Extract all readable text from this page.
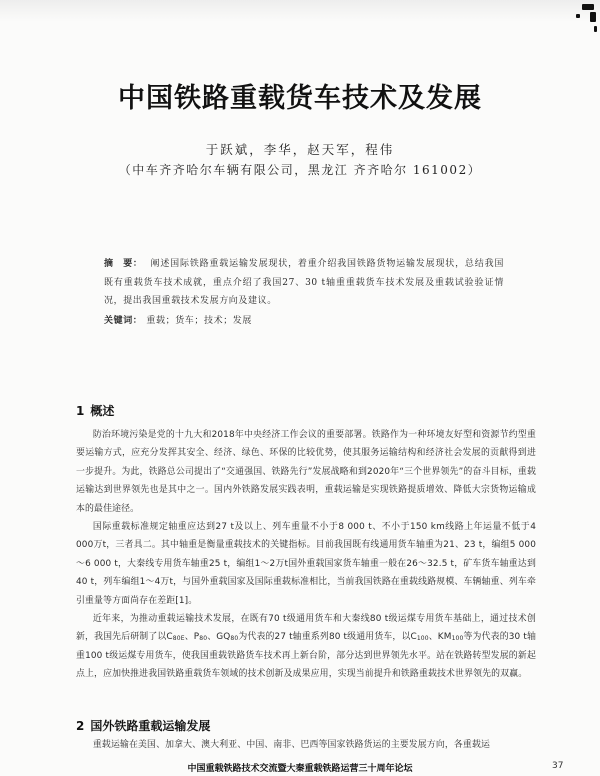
中国铁路重载货车技术及发展
于跃斌，李华，赵天军，程伟
（中车齐齐哈尔车辆有限公司，黑龙江 齐齐哈尔 161002）
摘　要： 阐述国际铁路重载运输发展现状，着重介绍我国铁路货物运输发展现状，总结我国既有重载货车技术成就，重点介绍了我国27、30 t轴重重载货车技术发展及重载试验验证情况，提出我国重载技术发展方向及建议。
关键词： 重载；货车；技术；发展
1 概述

防治环境污染是党的十九大和2018年中央经济工作会议的重要部署。铁路作为一种环境友好型和资源节约型重要运输方式，应充分发挥其安全、经济、绿色、环保的比较优势，使其服务运输结构和经济社会发展的贡献得到进一步提升。为此，铁路总公司提出了“交通强国、铁路先行”发展战略和到2020年“三个世界领先”的奋斗目标，重载运输达到世界领先也是其中之一。国内外铁路发展实践表明，重载运输是实现铁路提质增效、降低大宗货物运输成本的最佳途径。

国际重载标准规定轴重应达到27 t及以上、列车重量不小于8 000 t、不小于150 km线路上年运量不低于4 000万t，三者具二。其中轴重是衡量重载技术的关键指标。目前我国既有线通用货车轴重为21、23 t，编组5 000～6 000 t，大秦线专用货车轴重25 t，编组1～2万t国外重载国家货车轴重一般在26～32.5 t，矿车货车轴重达到40 t，列车编组1～4万t，与国外重载国家及国际重载标准相比，当前我国铁路在重载线路规模、车辆轴重、列车牵引重量等方面尚存在差距[1]。

近年来，为推动重载运输技术发展，在既有70 t级通用货车和大秦线80 t级运煤专用货车基础上，通过技术创新，我国先后研制了以$C_{80E}$、$P_{80}$、$GQ_{80}$为代表的27 t轴重系列80 t级通用货车，以$C_{100}$、$KM_{100}$等为代表的30 t轴重100 t级运煤专用货车，使我国重载铁路货车技术再上新台阶，部分达到世界领先水平。站在铁路转型发展的新起点上，应加快推进我国铁路重载货车领域的技术创新及成果应用，实现当前提升和铁路重载技术世界领先的双赢。

2 国外铁路重载运输发展

重载运输在美国、加拿大、澳大利亚、中国、南非、巴西等国家铁路货运的主要发展方向，各重载运

中国重载铁路技术交流暨大秦重载铁路运营三十周年论坛	37
